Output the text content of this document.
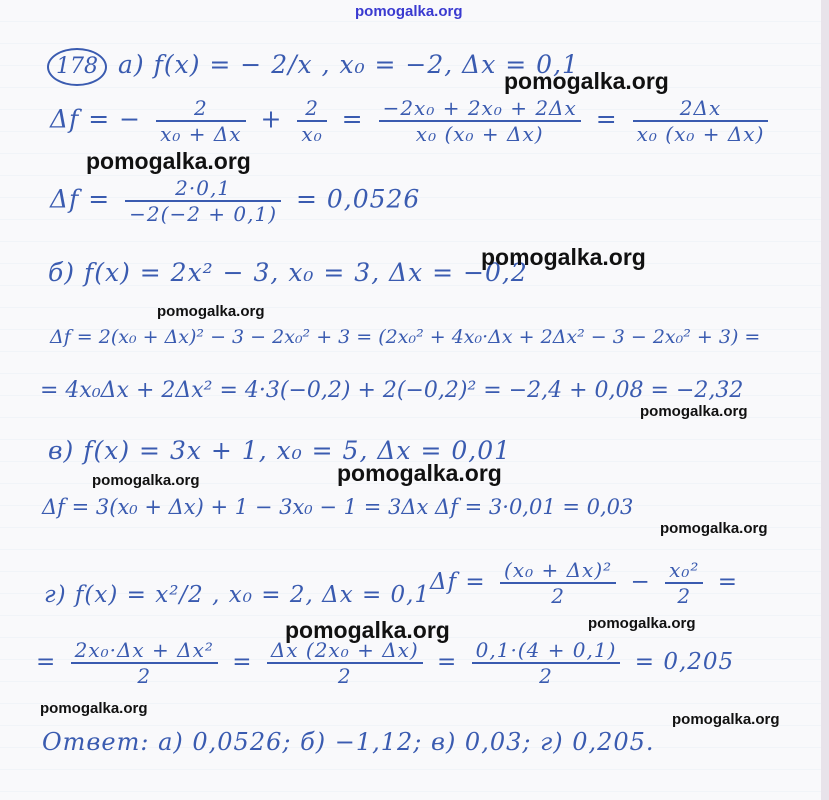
pomogalka.org
178 а) f(x) = − 2/x , x₀ = −2, Δx = 0,1
Δf = − $\frac{2}{\text{x₀ + Δx}} + \frac{2}{\text{x₀}} = \frac{\text{−2x₀ + 2x₀ + 2Δx}}{\text{x₀ (x₀ + Δx)}} = \frac{2\Delta x}{\text{x₀ (x₀ + Δx)}}$
$\Delta f = \frac{2\cdot 0,1}{-2(-2 + 0,1)} = 0,0526$
б) f(x) = 2x² − 3, x₀ = 3, Δx = −0,2
Δf = 2(x₀ + Δx)² − 3 − 2x₀² + 3 = (2x₀² + 4x₀·Δx + 2Δx² − 3 − 2x₀² + 3) =
= 4x₀Δx + 2Δx² = 4·3(−0,2) + 2(−0,2)² = −2,4 + 0,08 = −2,32
в) f(x) = 3x + 1, x₀ = 5, Δx = 0,01
Δf = 3(x₀ + Δx) + 1 − 3x₀ − 1 = 3Δx Δf = 3·0,01 = 0,03
г) f(x) = x²/2 , x₀ = 2, Δx = 0,1 $\Delta f = \frac{\text{(x₀ + Δx)²}}{2} - \frac{\text{x₀²}}{2}$ =
= $\frac{\text{2x₀·Δx + Δx²}}{2} = \frac{\text{Δx (2x₀ + Δx)}}{2} = \frac{0,1\cdot(4 + 0,1)}{2} = 0,205$
Ответ: а) 0,0526; б) −1,12; в) 0,03; г) 0,205.
pomogalka.org
pomogalka.org
pomogalka.org
pomogalka.org
pomogalka.org
pomogalka.org	pomogalka.org
pomogalka.org
pomogalka.org
pomogalka.org
pomogalka.org
pomogalka.org
